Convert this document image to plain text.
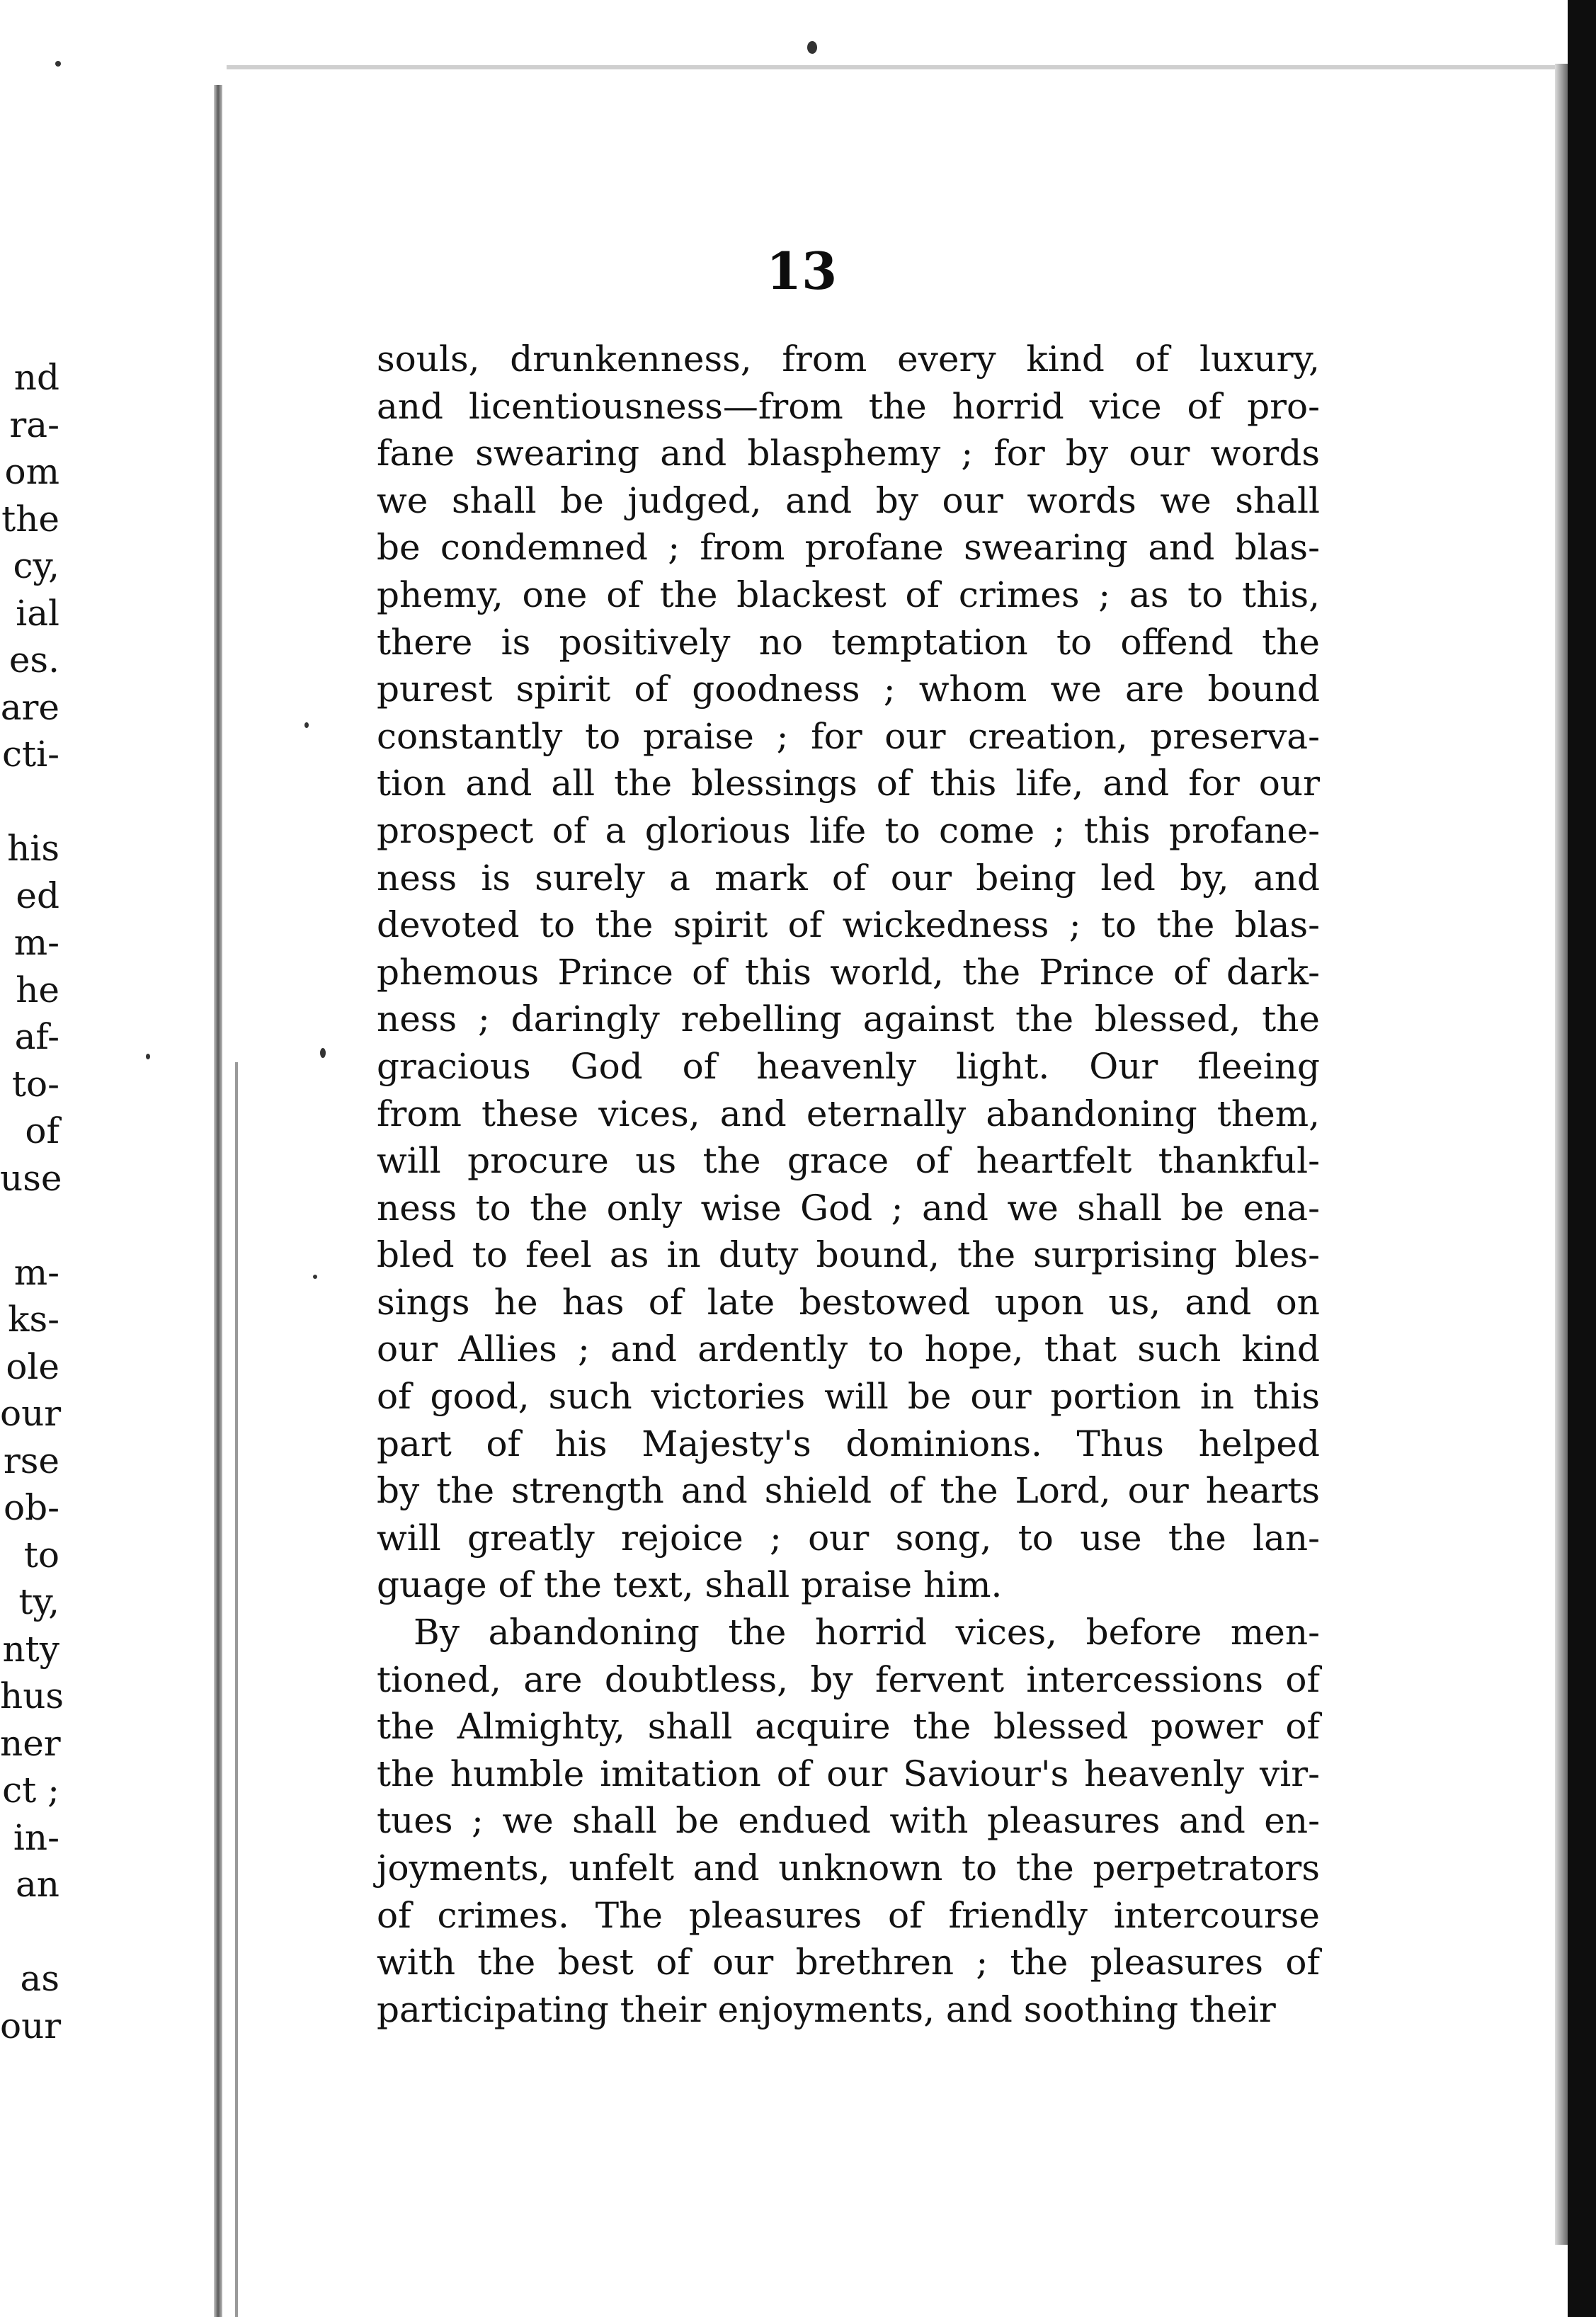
nd
ra-
om
the
cy,
ial
es.
are
cti-
his
ed
m-
he
af-
to-
of
use
m-
ks-
ole
our
rse
ob-
to
ty,
nty
hus
ner
ct ;
in-
an
as
our
13
souls, drunkenness, from every kind of luxury,
and licentiousness—from the horrid vice of pro-
fane swearing and blasphemy ; for by our words
we shall be judged, and by our words we shall
be condemned ; from profane swearing and blas-
phemy, one of the blackest of crimes ; as to this,
there is positively no temptation to offend the
purest spirit of goodness ; whom we are bound
constantly to praise ; for our creation, preserva-
tion and all the blessings of this life, and for our
prospect of a glorious life to come ; this profane-
ness is surely a mark of our being led by, and
devoted to the spirit of wickedness ; to the blas-
phemous Prince of this world, the Prince of dark-
ness ; daringly rebelling against the blessed, the
gracious God of heavenly light. Our fleeing
from these vices, and eternally abandoning them,
will procure us the grace of heartfelt thankful-
ness to the only wise God ; and we shall be ena-
bled to feel as in duty bound, the surprising bles-
sings he has of late bestowed upon us, and on
our Allies ; and ardently to hope, that such kind
of good, such victories will be our portion in this
part of his Majesty's dominions. Thus helped
by the strength and shield of the Lord, our hearts
will greatly rejoice ; our song, to use the lan-
guage of the text, shall praise him.
By abandoning the horrid vices, before men-
tioned, are doubtless, by fervent intercessions of
the Almighty, shall acquire the blessed power of
the humble imitation of our Saviour's heavenly vir-
tues ; we shall be endued with pleasures and en-
joyments, unfelt and unknown to the perpetrators
of crimes. The pleasures of friendly intercourse
with the best of our brethren ; the pleasures of
participating their enjoyments, and soothing their
